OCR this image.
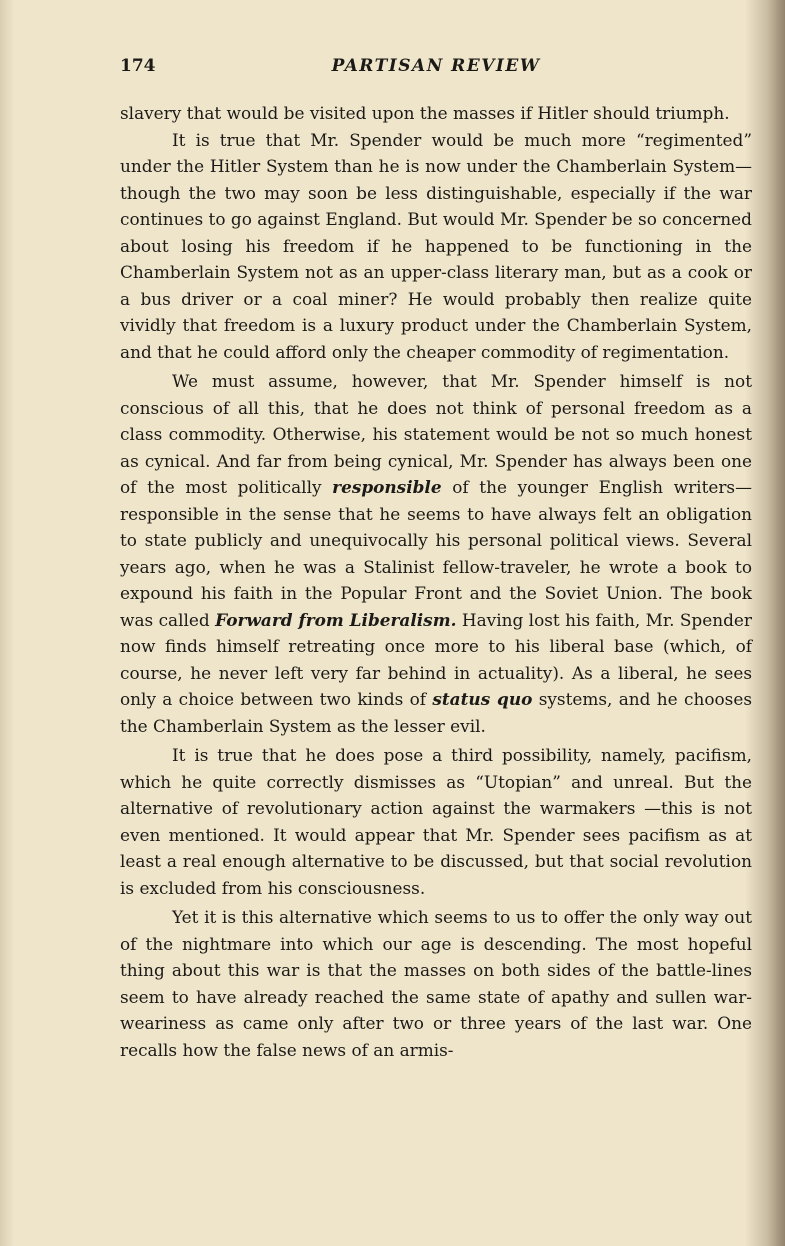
174	PARTISAN REVIEW

slavery that would be visited upon the masses if Hitler should triumph.

It is true that Mr. Spender would be much more “regimented” under the Hitler System than he is now under the Chamberlain System—though the two may soon be less distinguishable, especially if the war continues to go against England. But would Mr. Spender be so concerned about losing his freedom if he happened to be functioning in the Chamberlain System not as an upper-class literary man, but as a cook or a bus driver or a coal miner? He would probably then realize quite vividly that freedom is a luxury product under the Chamberlain System, and that he could afford only the cheaper commodity of regimentation.

We must assume, however, that Mr. Spender himself is not conscious of all this, that he does not think of personal freedom as a class commodity. Otherwise, his statement would be not so much honest as cynical. And far from being cynical, Mr. Spender has always been one of the most politically responsible of the younger English writers—responsible in the sense that he seems to have always felt an obligation to state publicly and unequivocally his personal political views. Several years ago, when he was a Stalinist fellow-traveler, he wrote a book to expound his faith in the Popular Front and the Soviet Union. The book was called Forward from Liberalism. Having lost his faith, Mr. Spender now finds himself retreating once more to his liberal base (which, of course, he never left very far behind in actuality). As a liberal, he sees only a choice between two kinds of status quo systems, and he chooses the Chamberlain System as the lesser evil.

It is true that he does pose a third possibility, namely, pacifism, which he quite correctly dismisses as “Utopian” and unreal. But the alternative of revolutionary action against the warmakers —this is not even mentioned. It would appear that Mr. Spender sees pacifism as at least a real enough alternative to be discussed, but that social revolution is excluded from his consciousness.

Yet it is this alternative which seems to us to offer the only way out of the nightmare into which our age is descending. The most hopeful thing about this war is that the masses on both sides of the battle-lines seem to have already reached the same state of apathy and sullen war-weariness as came only after two or three years of the last war. One recalls how the false news of an armis-
